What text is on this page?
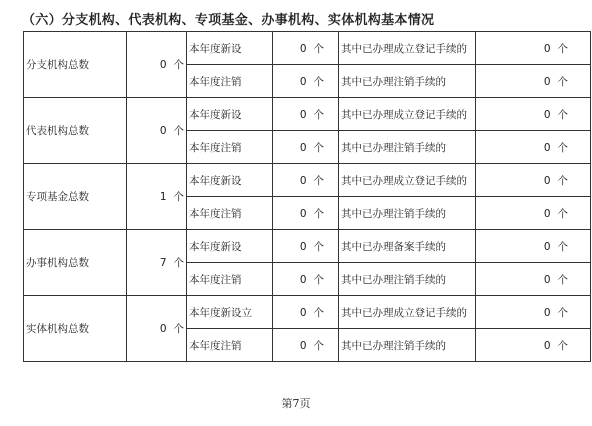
（六）分支机构、代表机构、专项基金、办事机构、实体机构基本情况
分支机构总数	0 个	本年度新设	0 个	其中已办理成立登记手续的	0 个
		本年度注销	0 个	其中已办理注销手续的	0 个
代表机构总数	0 个	本年度新设	0 个	其中已办理成立登记手续的	0 个
		本年度注销	0 个	其中已办理注销手续的	0 个
专项基金总数	1 个	本年度新设	0 个	其中已办理成立登记手续的	0 个
		本年度注销	0 个	其中已办理注销手续的	0 个
办事机构总数	7 个	本年度新设	0 个	其中已办理备案手续的	0 个
		本年度注销	0 个	其中已办理注销手续的	0 个
实体机构总数	0 个	本年度新设立	0 个	其中已办理成立登记手续的	0 个
		本年度注销	0 个	其中已办理注销手续的	0 个
第7页
